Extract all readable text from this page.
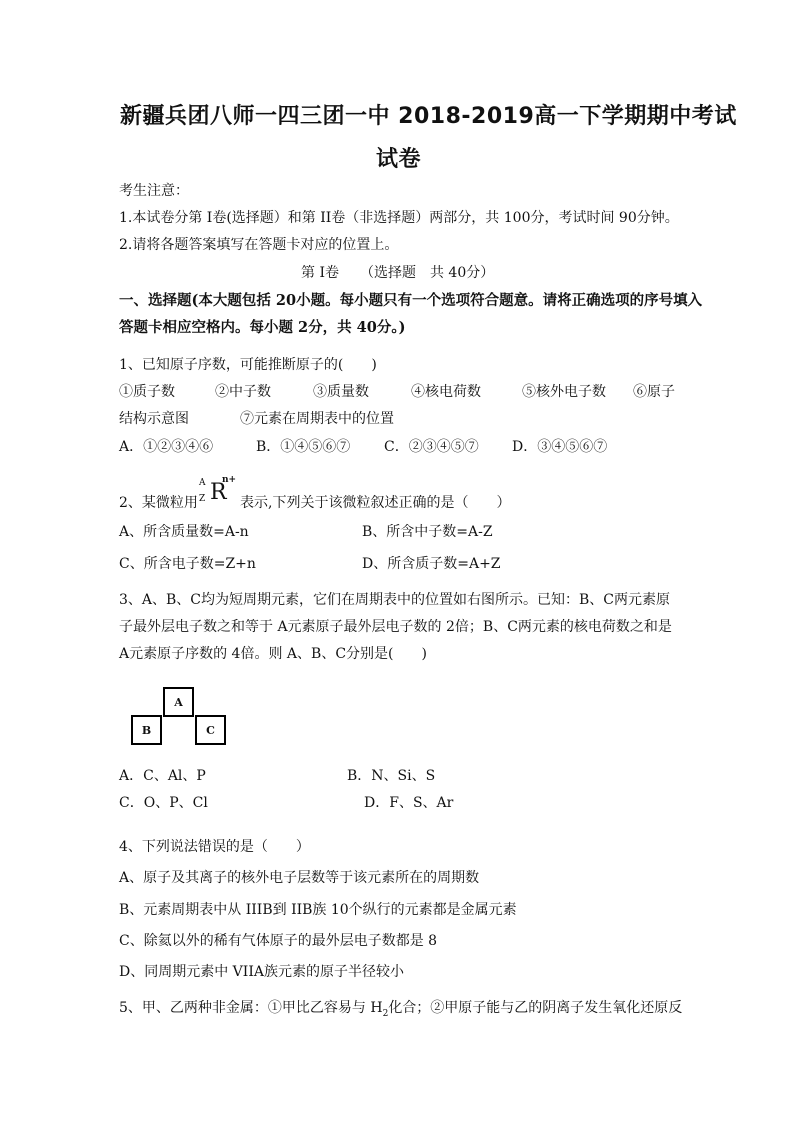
新疆兵团八师一四三团一中 2018-2019高一下学期期中考试
试卷
考生注意：
1.本试卷分第 I卷(选择题）和第 II卷（非选择题）两部分，共 100分，考试时间 90分钟。
2.请将各题答案填写在答题卡对应的位置上。
第 I卷　　（选择题　共 40分）
一、选择题(本大题包括 20小题。每小题只有一个选项符合题意。请将正确选项的序号填入
答题卡相应空格内。每小题 2分，共 40分。)
1、已知原子序数，可能推断原子的(　　)
①质子数	②中子数	③质量数	④核电荷数	⑤核外电子数 ⑥原子
结构示意图	⑦元素在周期表中的位置
A．①②③④⑥	B．①④⑤⑥⑦ C．②③④⑤⑦ D．③④⑤⑥⑦
2、某微粒用
A
Z R
n+
表示,下列关于该微粒叙述正确的是（　　）
A、所含质量数=A-n	B、所含中子数=A-Z
C、所含电子数=Z+n	D、所含质子数=A+Z
3、A、B、C均为短周期元素，它们在周期表中的位置如右图所示。已知：B、C两元素原
子最外层电子数之和等于 A元素原子最外层电子数的 2倍；B、C两元素的核电荷数之和是
A元素原子序数的 4倍。则 A、B、C分别是(　　)
A
B	C
A．C、Al、P	B．N、Si、S
C．O、P、Cl	D．F、S、Ar
4、下列说法错误的是（　　）
A、原子及其离子的核外电子层数等于该元素所在的周期数
B、元素周期表中从 IIIB到 IIB族 10个纵行的元素都是金属元素
C、除氦以外的稀有气体原子的最外层电子数都是 8
D、同周期元素中 VIIA族元素的原子半径较小
5、甲、乙两种非金属：①甲比乙容易与 $H_2$化合；②甲原子能与乙的阴离子发生氧化还原反
